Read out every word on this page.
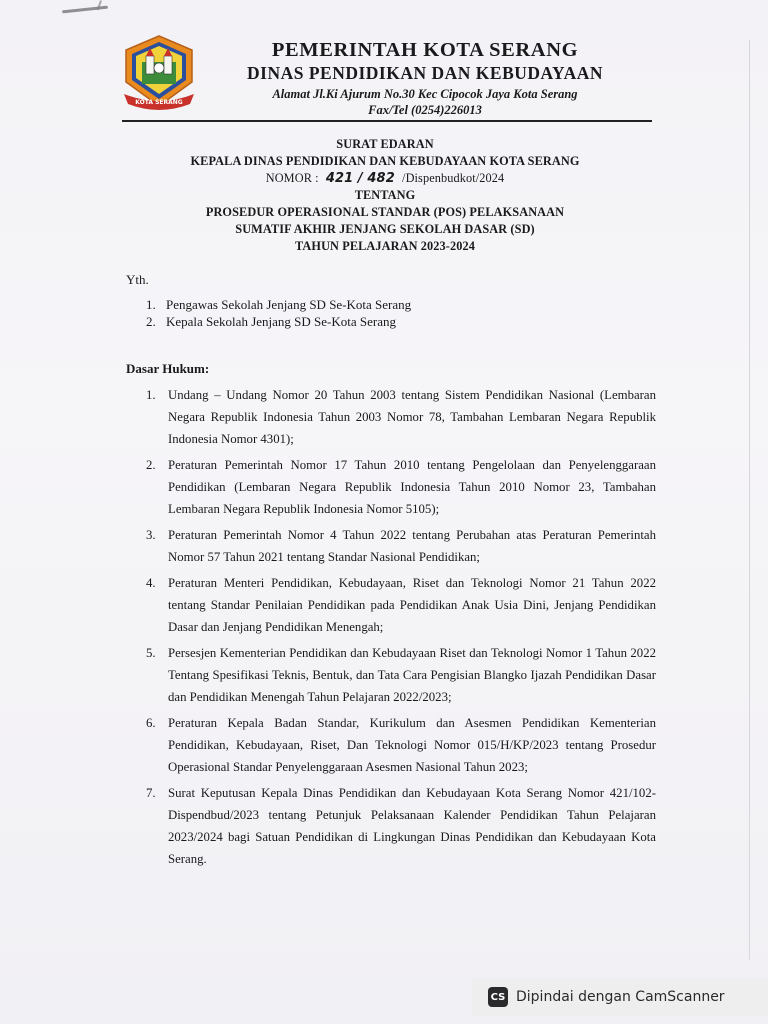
KOTA SERANG
PEMERINTAH KOTA SERANG
DINAS PENDIDIKAN DAN KEBUDAYAAN
Alamat Jl.Ki Ajurum No.30 Kec Cipocok Jaya Kota Serang
Fax/Tel (0254)226013
SURAT EDARAN
KEPALA DINAS PENDIDIKAN DAN KEBUDAYAAN KOTA SERANG
NOMOR : 421 / 482 /Dispenbudkot/2024
TENTANG
PROSEDUR OPERASIONAL STANDAR (POS) PELAKSANAAN
SUMATIF AKHIR JENJANG SEKOLAH DASAR (SD)
TAHUN PELAJARAN 2023-2024
Yth.
1. Pengawas Sekolah Jenjang SD Se-Kota Serang
2. Kepala Sekolah Jenjang SD Se-Kota Serang
Dasar Hukum:
1. Undang – Undang Nomor 20 Tahun 2003 tentang Sistem Pendidikan Nasional (Lembaran Negara Republik Indonesia Tahun 2003 Nomor 78, Tambahan Lembaran Negara Republik Indonesia Nomor 4301);
2. Peraturan Pemerintah Nomor 17 Tahun 2010 tentang Pengelolaan dan Penyelenggaraan Pendidikan (Lembaran Negara Republik Indonesia Tahun 2010 Nomor 23, Tambahan Lembaran Negara Republik Indonesia Nomor 5105);
3. Peraturan Pemerintah Nomor 4 Tahun 2022 tentang Perubahan atas Peraturan Pemerintah Nomor 57 Tahun 2021 tentang Standar Nasional Pendidikan;
4. Peraturan Menteri Pendidikan, Kebudayaan, Riset dan Teknologi Nomor 21 Tahun 2022 tentang Standar Penilaian Pendidikan pada Pendidikan Anak Usia Dini, Jenjang Pendidikan Dasar dan Jenjang Pendidikan Menengah;
5. Persesjen Kementerian Pendidikan dan Kebudayaan Riset dan Teknologi Nomor 1 Tahun 2022 Tentang Spesifikasi Teknis, Bentuk, dan Tata Cara Pengisian Blangko Ijazah Pendidikan Dasar dan Pendidikan Menengah Tahun Pelajaran 2022/2023;
6. Peraturan Kepala Badan Standar, Kurikulum dan Asesmen Pendidikan Kementerian Pendidikan, Kebudayaan, Riset, Dan Teknologi Nomor 015/H/KP/2023 tentang Prosedur Operasional Standar Penyelenggaraan Asesmen Nasional Tahun 2023;
7. Surat Keputusan Kepala Dinas Pendidikan dan Kebudayaan Kota Serang Nomor 421/102-Dispendbud/2023 tentang Petunjuk Pelaksanaan Kalender Pendidikan Tahun Pelajaran 2023/2024 bagi Satuan Pendidikan di Lingkungan Dinas Pendidikan dan Kebudayaan Kota Serang.
CS Dipindai dengan CamScanner
